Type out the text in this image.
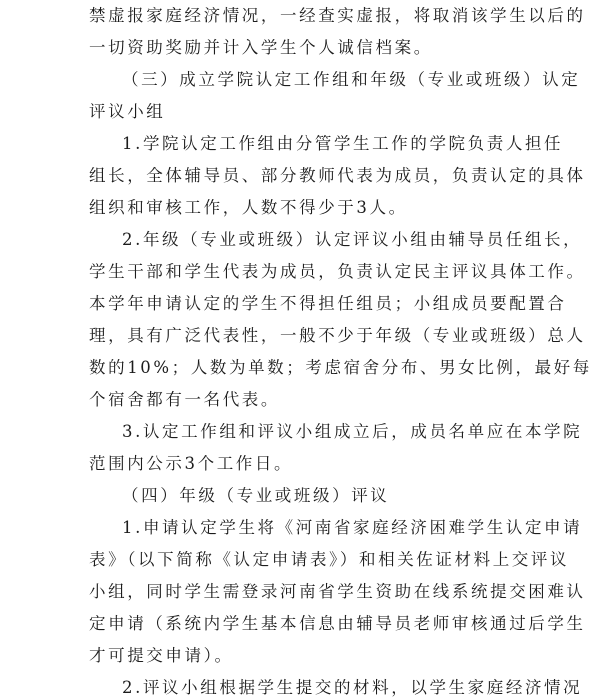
禁虚报家庭经济情况，一经查实虚报，将取消该学生以后的
一切资助奖励并计入学生个人诚信档案。
（三）成立学院认定工作组和年级（专业或班级）认定
评议小组
1.学院认定工作组由分管学生工作的学院负责人担任
组长，全体辅导员、部分教师代表为成员，负责认定的具体
组织和审核工作，人数不得少于3人。
2.年级（专业或班级）认定评议小组由辅导员任组长，
学生干部和学生代表为成员，负责认定民主评议具体工作。
本学年申请认定的学生不得担任组员；小组成员要配置合
理，具有广泛代表性，一般不少于年级（专业或班级）总人
数的10%；人数为单数；考虑宿舍分布、男女比例，最好每
个宿舍都有一名代表。
3.认定工作组和评议小组成立后，成员名单应在本学院
范围内公示3个工作日。
（四）年级（专业或班级）评议
1.申请认定学生将《河南省家庭经济困难学生认定申请
表》（以下简称《认定申请表》）和相关佐证材料上交评议
小组，同时学生需登录河南省学生资助在线系统提交困难认
定申请（系统内学生基本信息由辅导员老师审核通过后学生
才可提交申请）。
2.评议小组根据学生提交的材料，以学生家庭经济情况
